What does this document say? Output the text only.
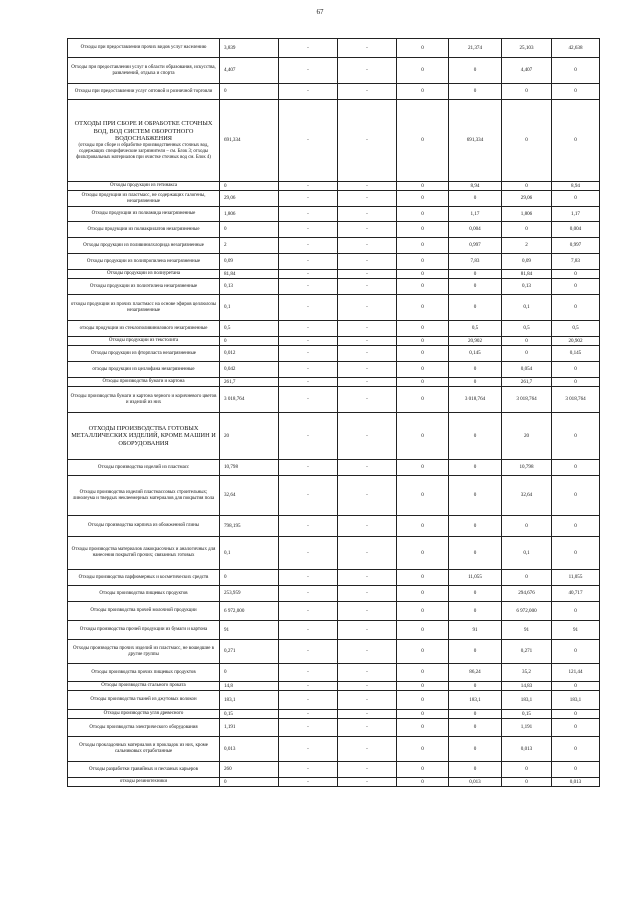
67
Отходы при предоставлении прочих видов услуг населению	3,839	-	-	0	21,374	25,103	42,638
Отходы при предоставлении услуг в области образования, искусства, развлечений, отдыха и спорта	4,407	-	-	0	0	4,407	0
Отходы при предоставлении услуг оптовой и розничной торговли	0	-	-	0	0	0	0
ОТХОДЫ ПРИ СБОРЕ И ОБРАБОТКЕ СТОЧНЫХ ВОД, ВОД СИСТЕМ ОБОРОТНОГО ВОДОСНАБЖЕНИЯ
(отходы при сборе и обработке производственных сточных вод, содержащих специфические загрязнители – см. Блок 3; отходы фильтровальных материалов при очистке сточных вод см. Блок 4)	691,334	-	-	0	691,334	0	0
Отходы продукции из гетинакса	0	-	-	0	8,94	0	8,94
Отходы продукции из пластмасс, не содержащих галогены, незагрязненные	29,06	-	-	0	0	29,06	0
Отходы продукции из полиамида незагрязненные	1,806	-	-	0	1,17	1,806	1,17
Отходы продукции из полиакрилатов незагрязненные	0	-	-	0	0,004	0	0,004
Отходы продукции из поливинилхлорида незагрязненные	2	-	-	0	0,997	2	0,997
Отходы продукции из полипропилена незагрязненные	0,09	-	-	0	7,83	0,09	7,83
Отходы продукции из полиуретана	81,84	-	-	0	0	81,84	0
Отходы продукции из полиэтилена незагрязненные	0,13	-	-	0	0	0,13	0
отходы продукции из прочих пластмасс на основе эфиров целлюлозы незагрязненные	0,1	-	-	0	0	0,1	0
отходы продукции из стеклополивинилового незагрязненные	0,5	-	-	0	0,5	0,5	0,5
Отходы продукции из текстолита	0	-	-	0	20,902	0	20,902
Отходы продукции из фторпласта незагрязненные	0,012	-	-	0	0,145	0	0,145
отходы продукции из целлофана незагрязненные	0,042	-	-	0	0	0,054	0
Отходы производства бумаги и картона	261,7	-	-	0	0	261,7	0
Отходы производства бумаги и картона черного и коричневого цветов и изделий из них	3 018,764	-	-	0	3 018,764	3 018,764	3 018,764
ОТХОДЫ ПРОИЗВОДСТВА ГОТОВЫХ МЕТАЛЛИЧЕСКИХ ИЗДЕЛИЙ, КРОМЕ МАШИН И ОБОРУДОВАНИЯ	20	-	-	0	0	20	0
Отходы производства изделий из пластмасс	10,798	-	-	0	0	10,798	0
Отходы производства изделий пластмассовых строительных; линолеума и твердых неклеемерных материалов для покрытия пола	32,64	-	-	0	0	32,64	0
Отходы производства кирпича из обожженной глины	798,195	-	-	0	0	0	0
Отходы производства материалов лакокрасочных и аналогичных для нанесения покрытий прочих; связанных готовых	0,1	-	-	0	0	0,1	0
Отходы производства парфюмерных и косметических средств	0	-	-	0	11,055	0	11,055
Отходы производства пищевых продуктов	253,959	-	-	0	0	294,676	40,717
Отходы производства прочей молочной продукции	6 972,000	-	-	0	0	6 972,000	0
Отходы производства прочей продукции из бумаги и картона	91	-	-	0	91	91	91
Отходы производства прочих изделий из пластмасс, не вошедшие в другие группы	0,271	-	-	0	0	0,271	0
Отходы производства прочих пищевых продуктов	0	-	-	0	86,24	35,2	121,44
Отходы производства стального проката	14,8	-	-	0	0	14,83	0
Отходы производства тканей из джутовых волокон	183,1	-	-	0	183,1	183,1	183,1
Отходы производства угля древесного	0,15	-	-	0	0	0,15	0
Отходы производства электрического оборудования	1,191	-	-	0	0	1,191	0
Отходы прокладочных материалов и прокладок из них, кроме сальниковых отработанные	0,013	-	-	0	0	0,013	0
Отходы разработки гравийных и песчаных карьеров	260	-	-	0	0	0	0
отходы резинотехники	0	-	-	0	0,013	0	0,013
